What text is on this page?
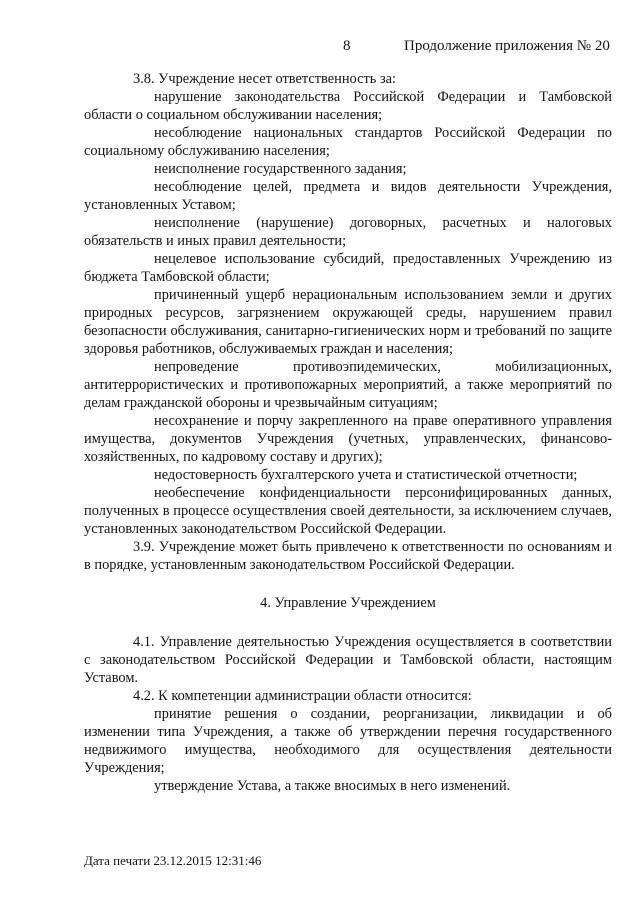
8	Продолжение приложения № 20

3.8. Учреждение несет ответственность за:

нарушение законодательства Российской Федерации и Тамбовской области о социальном обслуживании населения;

несоблюдение национальных стандартов Российской Федерации по социальному обслуживанию населения;

неисполнение государственного задания;

несоблюдение целей, предмета и видов деятельности Учреждения, установленных Уставом;

неисполнение (нарушение) договорных, расчетных и налоговых обязательств и иных правил деятельности;

нецелевое использование субсидий, предоставленных Учреждению из бюджета Тамбовской области;

причиненный ущерб нерациональным использованием земли и других природных ресурсов, загрязнением окружающей среды, нарушением правил безопасности обслуживания, санитарно-гигиенических норм и требований по защите здоровья работников, обслуживаемых граждан и населения;

непроведение противоэпидемических, мобилизационных, антитеррористических и противопожарных мероприятий, а также мероприятий по делам гражданской обороны и чрезвычайным ситуациям;

несохранение и порчу закрепленного на праве оперативного управления имущества, документов Учреждения (учетных, управленческих, финансово-хозяйственных, по кадровому составу и других);

недостоверность бухгалтерского учета и статистической отчетности;

необеспечение конфиденциальности персонифицированных данных, полученных в процессе осуществления своей деятельности, за исключением случаев, установленных законодательством Российской Федерации.

3.9. Учреждение может быть привлечено к ответственности по основаниям и в порядке, установленным законодательством Российской Федерации.

4. Управление Учреждением

4.1. Управление деятельностью Учреждения осуществляется в соответствии с законодательством Российской Федерации и Тамбовской области, настоящим Уставом.

4.2. К компетенции администрации области относится:

принятие решения о создании, реорганизации, ликвидации и об изменении типа Учреждения, а также об утверждении перечня государственного недвижимого имущества, необходимого для осуществления деятельности Учреждения;

утверждение Устава, а также вносимых в него изменений.

Дата печати 23.12.2015 12:31:46
